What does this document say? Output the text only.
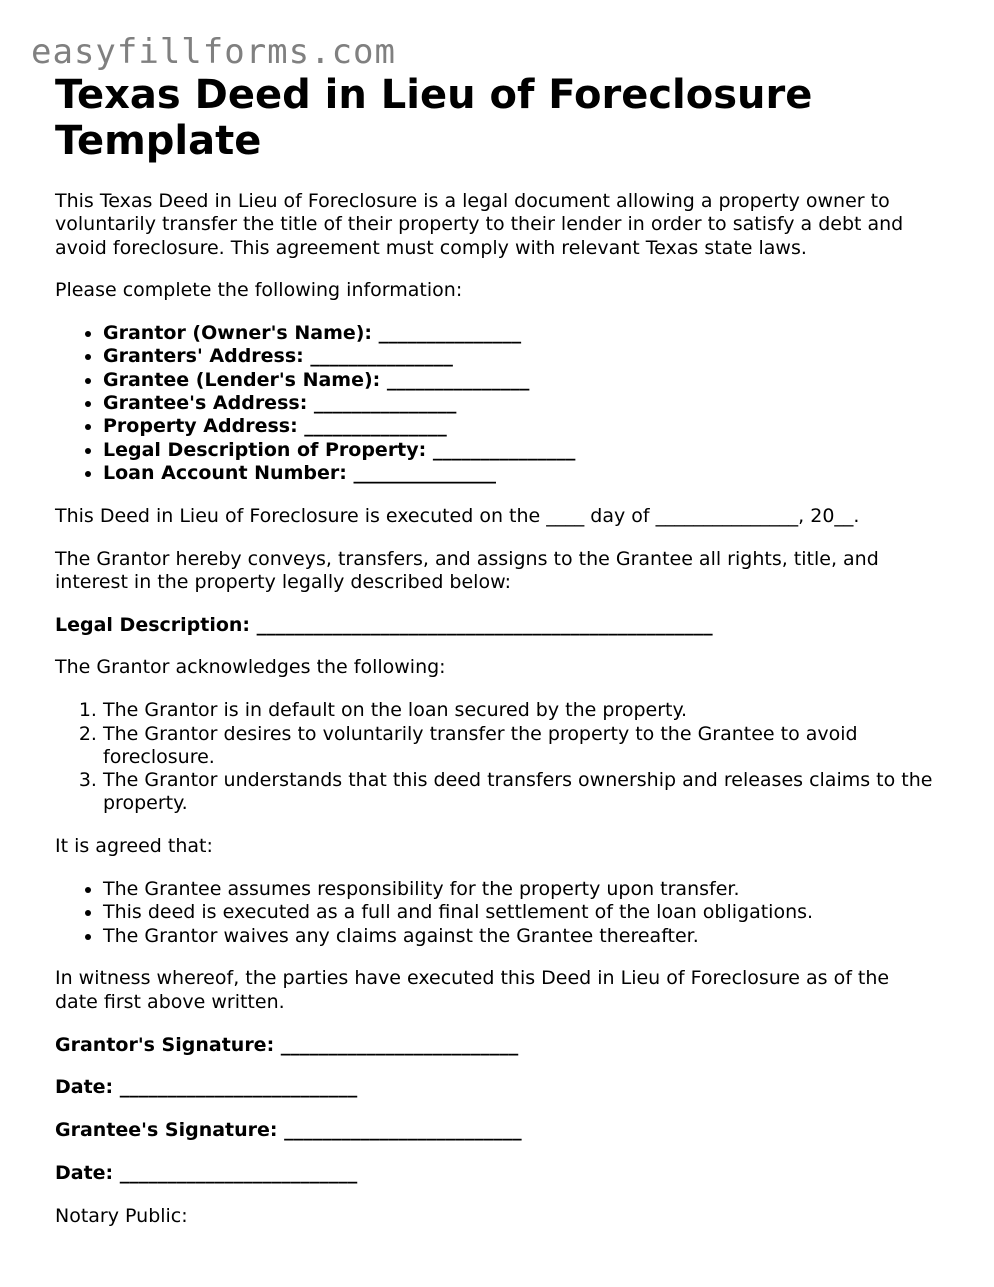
easyfillforms.com
Texas Deed in Lieu of Foreclosure Template

This Texas Deed in Lieu of Foreclosure is a legal document allowing a property owner to voluntarily transfer the title of their property to their lender in order to satisfy a debt and avoid foreclosure. This agreement must comply with relevant Texas state laws.

Please complete the following information:

• Grantor (Owner's Name): _______________
• Granters' Address: _______________
• Grantee (Lender's Name): _______________
• Grantee's Address: _______________
• Property Address: _______________
• Legal Description of Property: _______________
• Loan Account Number: _______________

This Deed in Lieu of Foreclosure is executed on the ____ day of _______________, 20__.

The Grantor hereby conveys, transfers, and assigns to the Grantee all rights, title, and interest in the property legally described below:

Legal Description: ________________________________________________

The Grantor acknowledges the following:

1. The Grantor is in default on the loan secured by the property.
2. The Grantor desires to voluntarily transfer the property to the Grantee to avoid foreclosure.
3. The Grantor understands that this deed transfers ownership and releases claims to the property.

It is agreed that:

• The Grantee assumes responsibility for the property upon transfer.
• This deed is executed as a full and final settlement of the loan obligations.
• The Grantor waives any claims against the Grantee thereafter.

In witness whereof, the parties have executed this Deed in Lieu of Foreclosure as of the date first above written.

Grantor's Signature: _________________________

Date: _________________________

Grantee's Signature: _________________________

Date: _________________________

Notary Public:
